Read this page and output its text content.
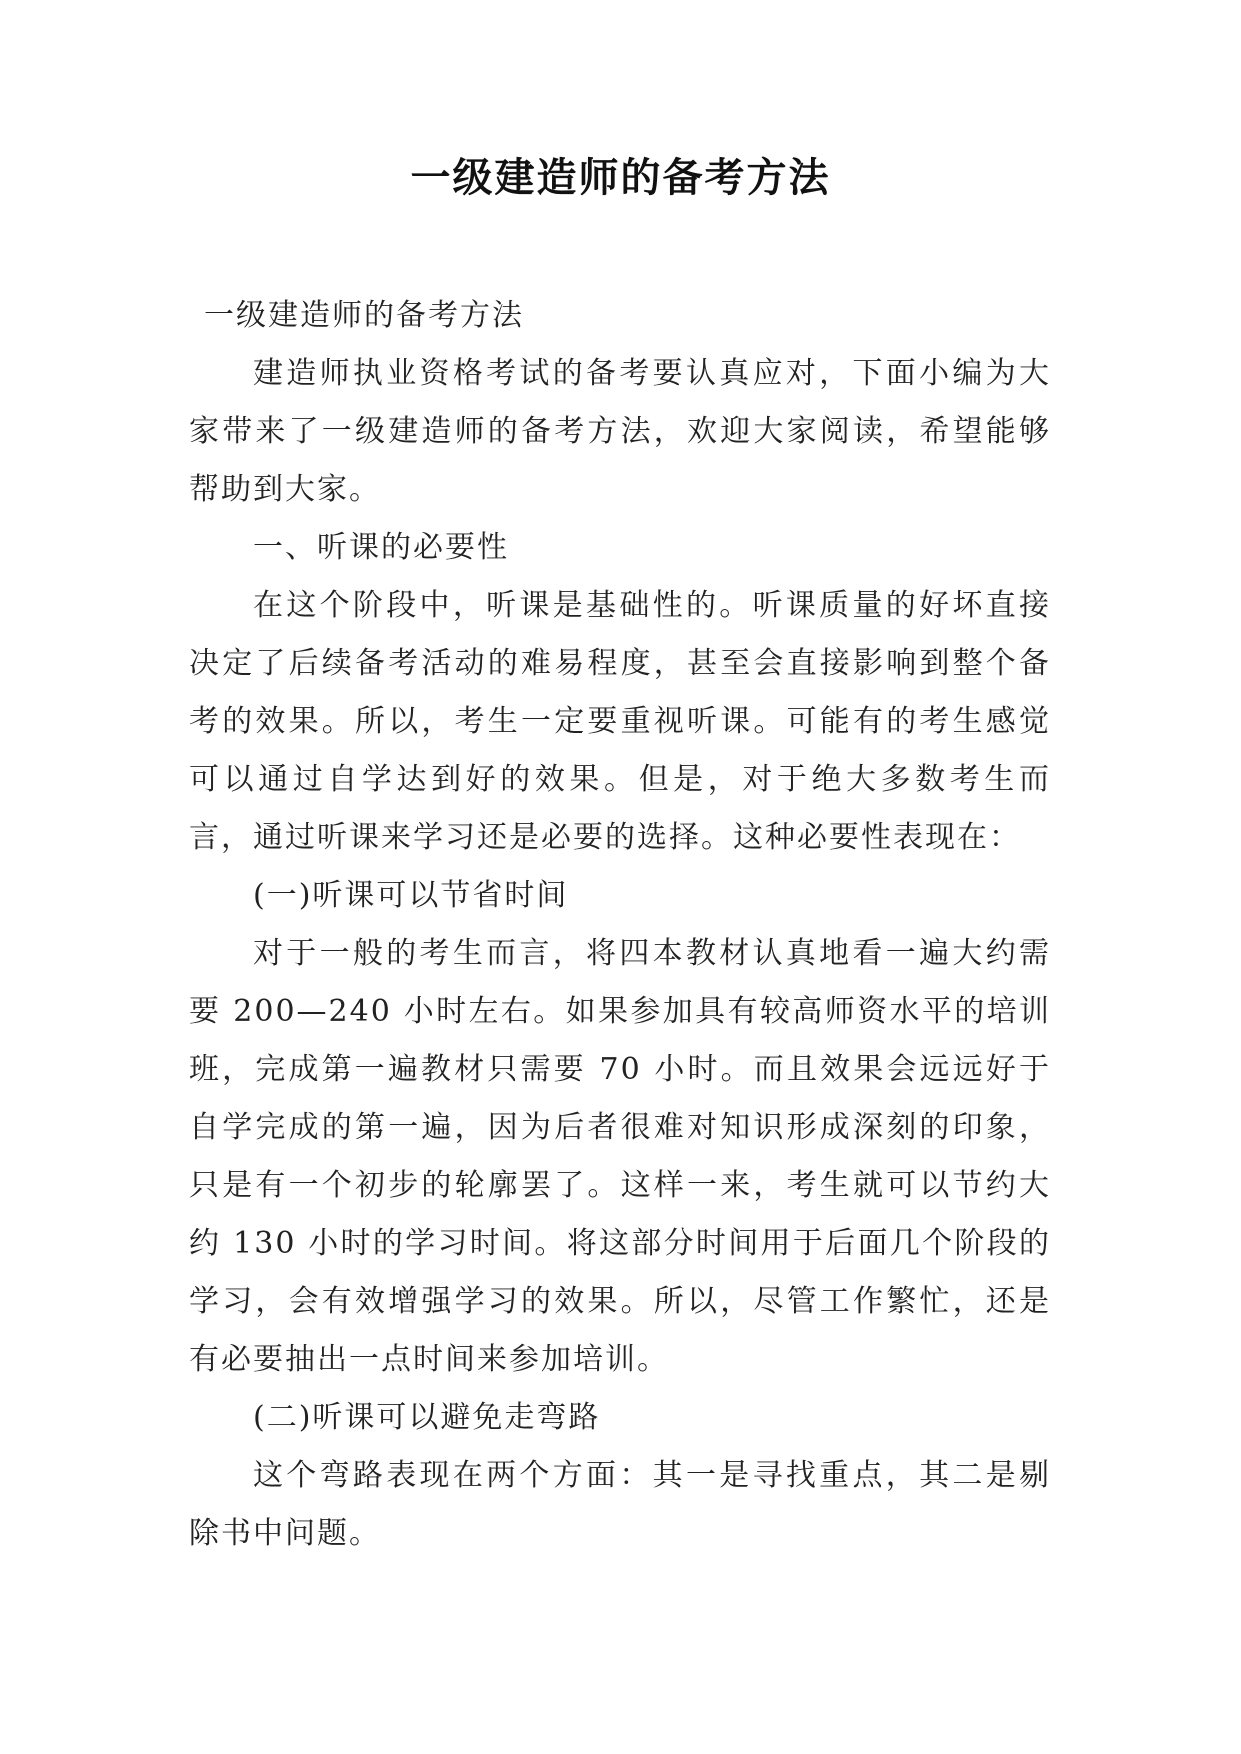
一级建造师的备考方法

一级建造师的备考方法

建造师执业资格考试的备考要认真应对，下面小编为大家带来了一级建造师的备考方法，欢迎大家阅读，希望能够帮助到大家。

一、听课的必要性

在这个阶段中，听课是基础性的。听课质量的好坏直接决定了后续备考活动的难易程度，甚至会直接影响到整个备考的效果。所以，考生一定要重视听课。可能有的考生感觉可以通过自学达到好的效果。但是，对于绝大多数考生而言，通过听课来学习还是必要的选择。这种必要性表现在：

(一)听课可以节省时间

对于一般的考生而言，将四本教材认真地看一遍大约需要 200—240 小时左右。如果参加具有较高师资水平的培训班，完成第一遍教材只需要 70 小时。而且效果会远远好于自学完成的第一遍，因为后者很难对知识形成深刻的印象，只是有一个初步的轮廓罢了。这样一来，考生就可以节约大约 130 小时的学习时间。将这部分时间用于后面几个阶段的学习，会有效增强学习的效果。所以，尽管工作繁忙，还是有必要抽出一点时间来参加培训。

(二)听课可以避免走弯路

这个弯路表现在两个方面：其一是寻找重点，其二是剔除书中问题。
